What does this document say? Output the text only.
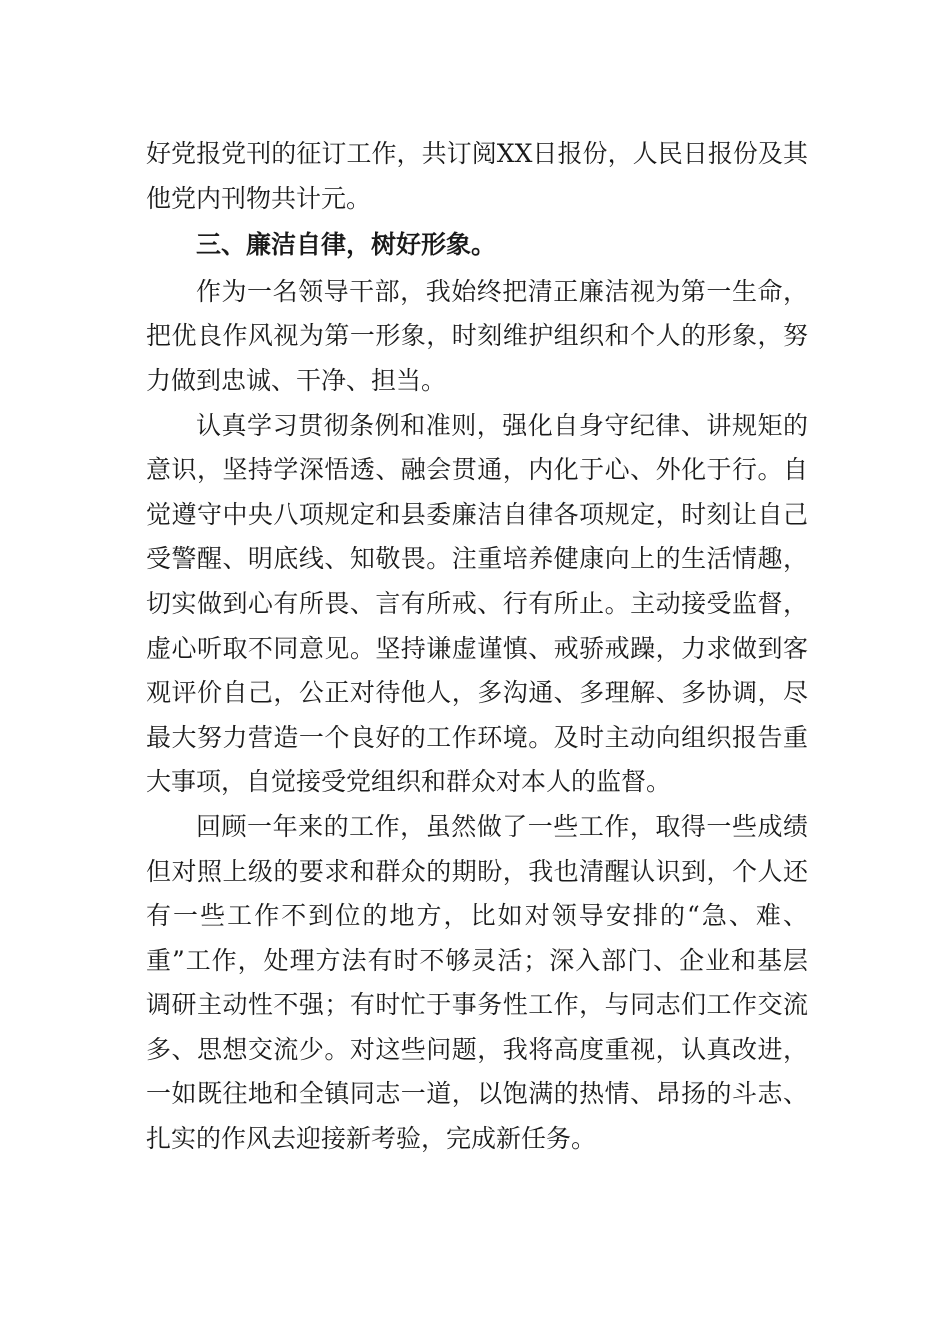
好党报党刊的征订工作，共订阅XX日报份，人民日报份及其他党内刊物共计元。

三、廉洁自律，树好形象。

作为一名领导干部，我始终把清正廉洁视为第一生命，把优良作风视为第一形象，时刻维护组织和个人的形象，努力做到忠诚、干净、担当。

认真学习贯彻条例和准则，强化自身守纪律、讲规矩的意识，坚持学深悟透、融会贯通，内化于心、外化于行。自觉遵守中央八项规定和县委廉洁自律各项规定，时刻让自己受警醒、明底线、知敬畏。注重培养健康向上的生活情趣，切实做到心有所畏、言有所戒、行有所止。主动接受监督，虚心听取不同意见。坚持谦虚谨慎、戒骄戒躁，力求做到客观评价自己，公正对待他人，多沟通、多理解、多协调，尽最大努力营造一个良好的工作环境。及时主动向组织报告重大事项，自觉接受党组织和群众对本人的监督。

回顾一年来的工作，虽然做了一些工作，取得一些成绩但对照上级的要求和群众的期盼，我也清醒认识到，个人还有一些工作不到位的地方，比如对领导安排的“急、难、重”工作，处理方法有时不够灵活；深入部门、企业和基层调研主动性不强；有时忙于事务性工作，与同志们工作交流多、思想交流少。对这些问题，我将高度重视，认真改进，一如既往地和全镇同志一道，以饱满的热情、昂扬的斗志、扎实的作风去迎接新考验，完成新任务。
